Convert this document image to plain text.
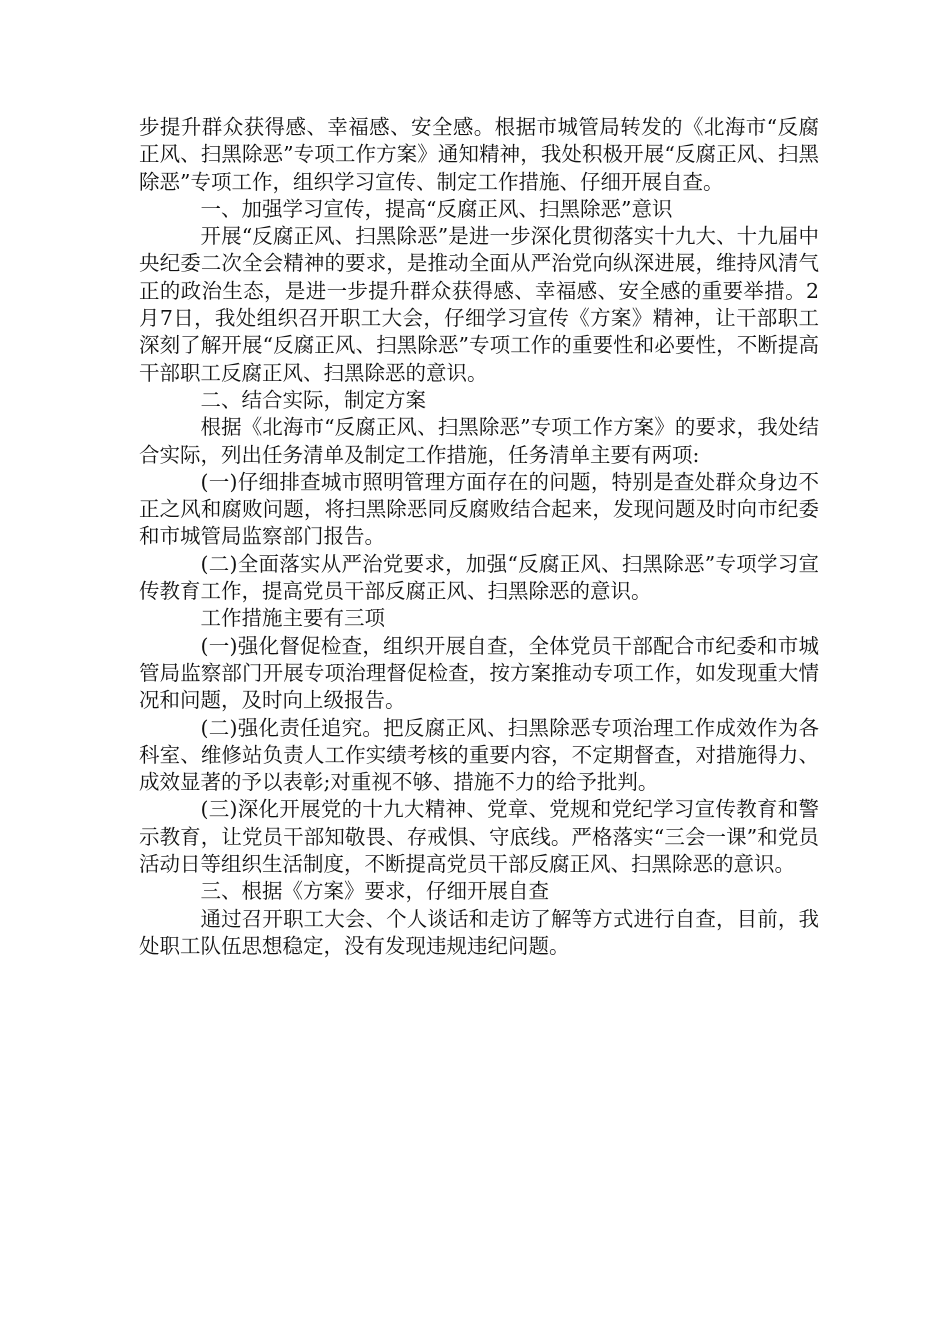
步提升群众获得感、幸福感、安全感。根据市城管局转发的《北海市“反腐正风、扫黑除恶”专项工作方案》通知精神，我处积极开展“反腐正风、扫黑除恶”专项工作，组织学习宣传、制定工作措施、仔细开展自查。

一、加强学习宣传，提高“反腐正风、扫黑除恶”意识

开展“反腐正风、扫黑除恶”是进一步深化贯彻落实十九大、十九届中央纪委二次全会精神的要求，是推动全面从严治党向纵深进展，维持风清气正的政治生态，是进一步提升群众获得感、幸福感、安全感的重要举措。2月7日，我处组织召开职工大会，仔细学习宣传《方案》精神，让干部职工深刻了解开展“反腐正风、扫黑除恶”专项工作的重要性和必要性，不断提高干部职工反腐正风、扫黑除恶的意识。

二、结合实际，制定方案

根据《北海市“反腐正风、扫黑除恶”专项工作方案》的要求，我处结合实际，列出任务清单及制定工作措施，任务清单主要有两项:

(一)仔细排查城市照明管理方面存在的问题，特别是查处群众身边不正之风和腐败问题，将扫黑除恶同反腐败结合起来，发现问题及时向市纪委和市城管局监察部门报告。

(二)全面落实从严治党要求，加强“反腐正风、扫黑除恶”专项学习宣传教育工作，提高党员干部反腐正风、扫黑除恶的意识。

工作措施主要有三项

(一)强化督促检查，组织开展自查，全体党员干部配合市纪委和市城管局监察部门开展专项治理督促检查，按方案推动专项工作，如发现重大情况和问题，及时向上级报告。

(二)强化责任追究。把反腐正风、扫黑除恶专项治理工作成效作为各科室、维修站负责人工作实绩考核的重要内容，不定期督查，对措施得力、成效显著的予以表彰;对重视不够、措施不力的给予批判。

(三)深化开展党的十九大精神、党章、党规和党纪学习宣传教育和警示教育，让党员干部知敬畏、存戒惧、守底线。严格落实“三会一课”和党员活动日等组织生活制度，不断提高党员干部反腐正风、扫黑除恶的意识。

三、根据《方案》要求，仔细开展自查

通过召开职工大会、个人谈话和走访了解等方式进行自查，目前，我处职工队伍思想稳定，没有发现违规违纪问题。
